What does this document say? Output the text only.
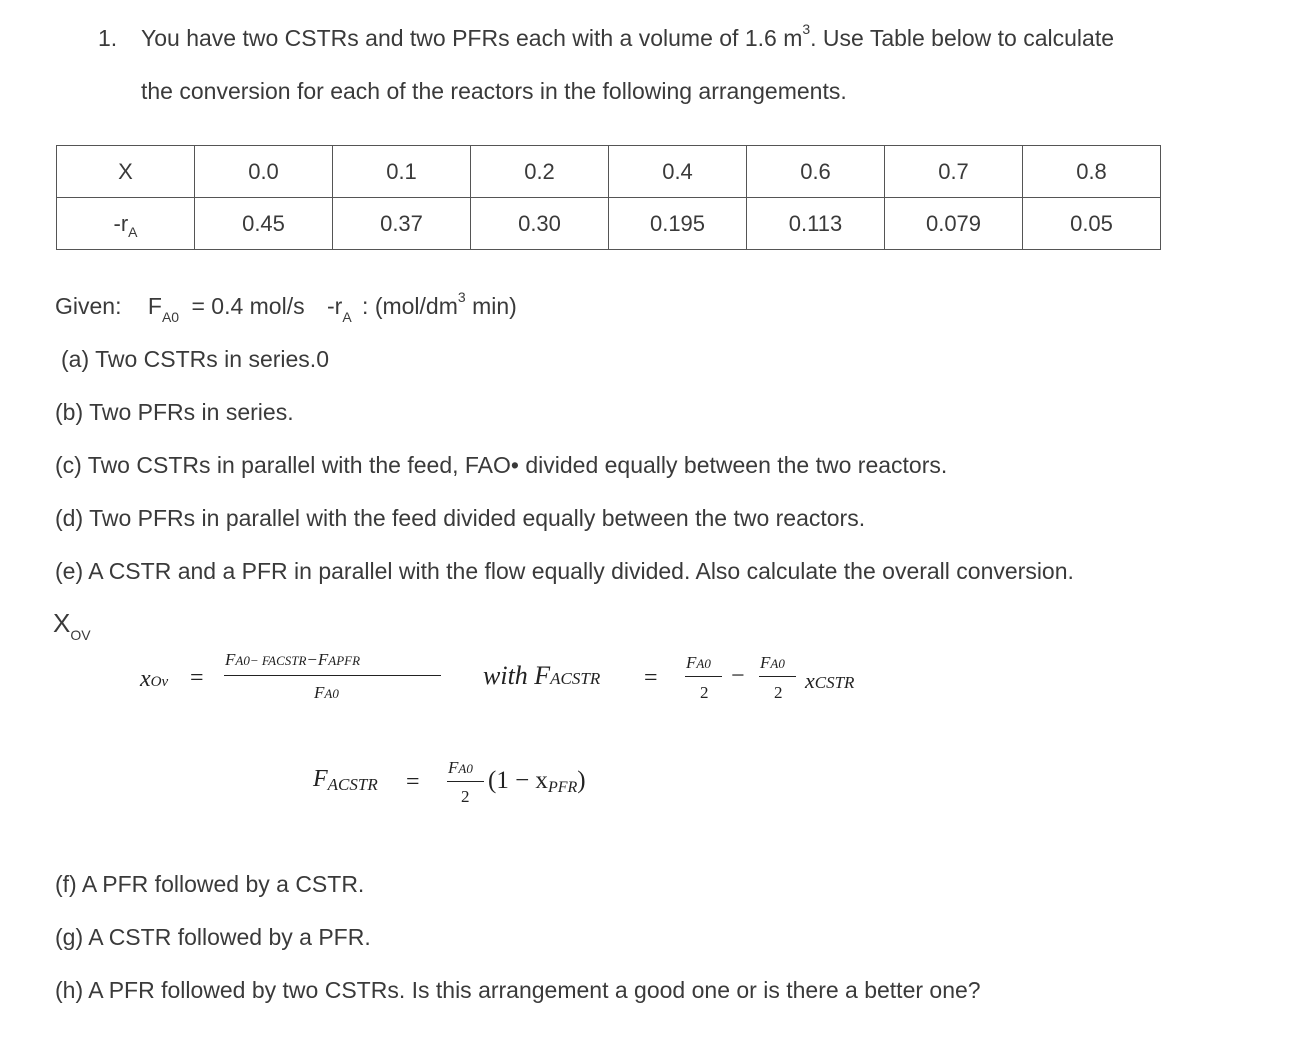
1. You have two CSTRs and two PFRs each with a volume of 1.6 $m^3$. Use Table below to calculate
the conversion for each of the reactors in the following arrangements.
X	0.0	0.1	0.2	0.4	0.6	0.7	0.8
$-r_A$	0.45	0.37	0.30	0.195	0.113	0.079	0.05
Given: $F_{A0} = 0.4$ mol/s $-r_A$ : ($mol/dm^3$ min)
(a) Two CSTRs in series.0
(b) Two PFRs in series.
(c) Two CSTRs in parallel with the feed, FAO• divided equally between the two reactors.
(d) Two PFRs in parallel with the feed divided equally between the two reactors.
(e) A CSTR and a PFR in parallel with the flow equally divided. Also calculate the overall conversion.
$X_{OV}$
xOv =
FA0− FACSTR−FAPFR
FA0
with FACSTR =
FA0
2
−
FA0
2 xCSTR
FACSTR =
FA0
2
(1 − xPFR)
(f) A PFR followed by a CSTR.
(g) A CSTR followed by a PFR.
(h) A PFR followed by two CSTRs. Is this arrangement a good one or is there a better one?
